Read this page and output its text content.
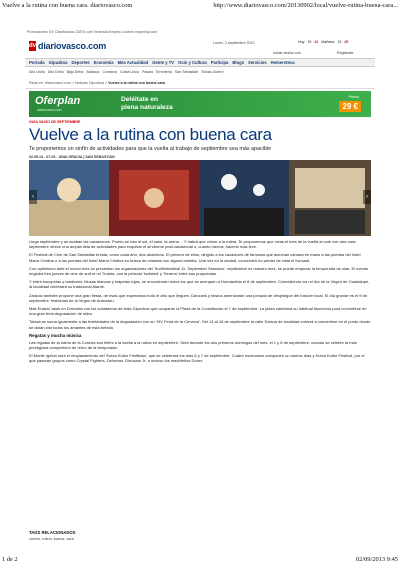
Vuelve a la rutina con buena cara. diariovasco.com	http://www.diariovasco.com/20130902/local/vuelve-rutina-buena-cara...
Promociones DV Clasificados 11870.com Vivienda Empleo Coches mujerhoy.com
dv diariovasco.com	Lunes, 2 septiembre 2013	Hoy 15 22 Mañana 15 20
Iniciar sesión con	Registrate
Portada Gipuzkoa Deportes Economía Más Actualidad Gente y TV Ocio y Cultura Participa Blogs Servicios Hemeroteca
Alto Urola Alto Deba Bajo Deba Bidasoa Comarca Costa Urola Pasaia Errenteria San Sebastián Tolosa-Goierri
Estás en: diariovasco.com > Noticias Gipuzkoa > Vuelve a la rutina con buena cara
Oferplan
diariovasco.com
Deléitate en
plena naturaleza
Precio
29 €
GUÍA VACÍO DE SEPTIEMBRE
Vuelve a la rutina con buena cara

Te proponemos un sinfín de actividades para que la vuelta al trabajo de septiembre sea más apacible

02.09.13 - 07:29 - UNAI GRACIA | SAN SEBASTIÁN
‹	›

Llega septiembre y se acaban las vacaciones. Pronto se irán el sol, el calor, la arena… Y habrá que volver a la rutina. Te proponemos que vivas el mes de la vuelta al cole con otra cara: septiembre ofrece una amplia lista de actividades para exquivar el síndrome post-vacacional o, cuanto menos, hacerlo más leve.

El Festival de Cine de San Sebastián brinda, como cada año, dos atractivos. El primero de ellos, dirigido a los cazadores de famosos que acechan cámara en mano a las puertas del hotel María Cristina o a las puertas del hotel María Cristina en busca de miradas con alguna estrella. Una vez en la ciudad, convendrá no perder de vista el Kursaal.

Con optimismo ante el nuevo mes se presentan los organizadores del 'Surfilmfestibal 11: September Sessions': septiembre es nuestro mes, se puede empezar la temporada de olas. El evento engloba tres jueves de cine de surf en el Trueba, con la película 'Isolated' y 'Serena' entre sus propuestas.

Y entre escopetas y tambores, blusas blancas y txapelas rojas, se encontrarán todos los que se acerquen a Hondarribia el 8 de septiembre. Coincidiendo con el día de la Virgen de Guadalupe, la localidad celebrará su tradicional Alarde.

Zarautz también propone una gran fiesta, de esas que esperamos todo el año que lleguen. Danzaris y txistus amenizarán una jornada de despliegue del folclore local. El día grande es el 9 de septiembre, festividad de la Virgen de Aranzazu.

Más Euskal Jaiak en Donostia con los soldaderos de toda Gipuzkoa que ocuparán la Plaza de la Constitución el 7 de septiembre. La plaza cambiará su habitual fisonomía para convertirse en una gran feria degustación de sidra.

Tolosa se suma igualmente a las festividades de la degustación con su 'XIV Feria de la Cerveza'. Del 13 al 16 de septiembre la calle Solana de localidad volverá a convertirse en el punto donde se darán cita todos los amantes de esta bebida.

Regatas y mucha música

Las regatas de la bahía de la Concha son fieles a la vuelta a la rutina en septiembre. Será durante los dos primeros domingos del mes, el 1 y 8 de septiembre, cuando se celebre la más prestigiosa competición de remo de la temporada.

El Monte Igeldo será el emplazamiento del 'Kutxa Kultur Festibala', que se celebrará los días 6 y 7 de septiembre. Cuatro escenarios componen un ambos días y Kutxa Kultur Festival, por el que pasarán grupos como Crystal Fighters, Delorean, Dinosaur Jr. o incluso los madrileños Dover.

TAGS RELACIONADOS
vuelve, rutina, buena, cara
1 de 2	02/09/2013 9:45
